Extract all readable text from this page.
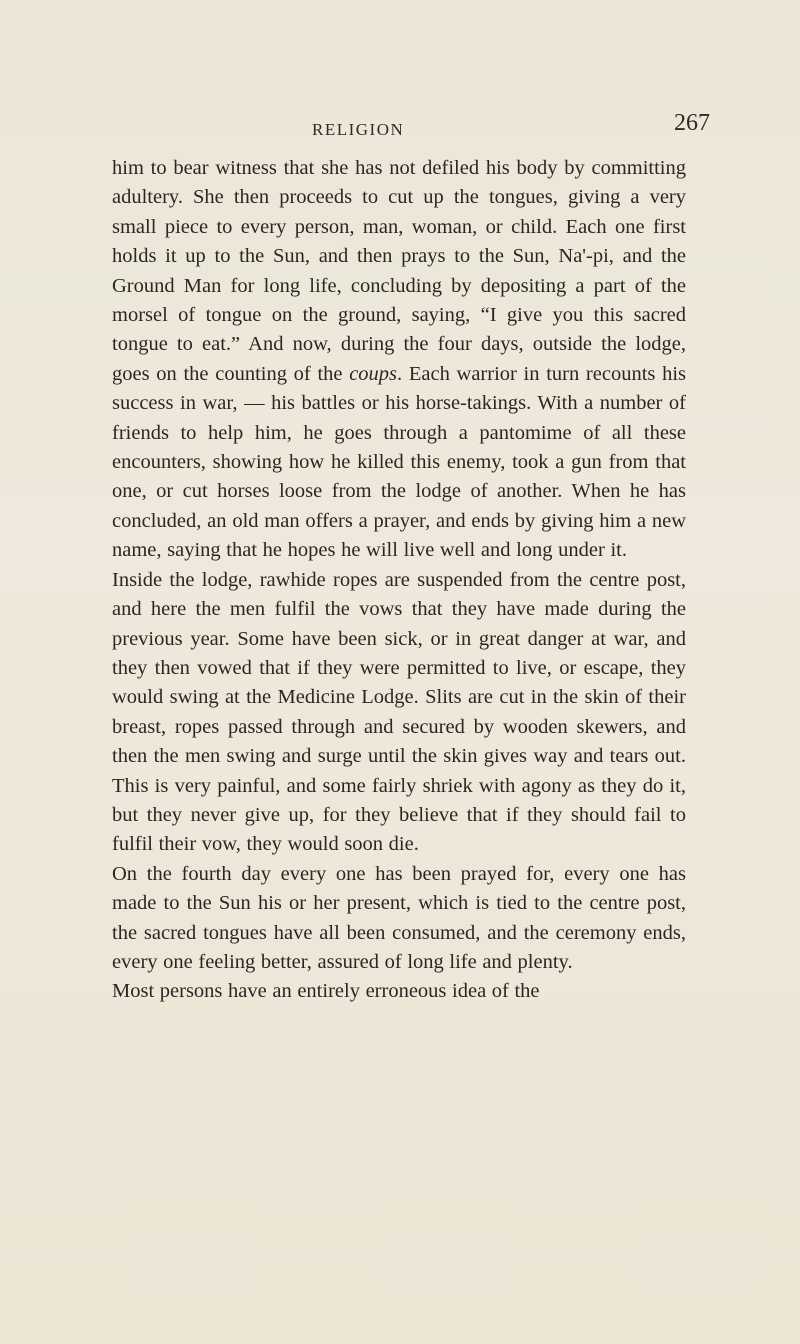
RELIGION	267

him to bear witness that she has not defiled his body by committing adultery. She then proceeds to cut up the tongues, giving a very small piece to every person, man, woman, or child. Each one first holds it up to the Sun, and then prays to the Sun, Na'-pi, and the Ground Man for long life, concluding by depositing a part of the morsel of tongue on the ground, saying, “I give you this sacred tongue to eat.” And now, during the four days, outside the lodge, goes on the counting of the coups. Each warrior in turn recounts his success in war, — his battles or his horse-takings. With a number of friends to help him, he goes through a pantomime of all these encounters, showing how he killed this enemy, took a gun from that one, or cut horses loose from the lodge of another. When he has concluded, an old man offers a prayer, and ends by giving him a new name, saying that he hopes he will live well and long under it.

Inside the lodge, rawhide ropes are suspended from the centre post, and here the men fulfil the vows that they have made during the previous year. Some have been sick, or in great danger at war, and they then vowed that if they were permitted to live, or escape, they would swing at the Medicine Lodge. Slits are cut in the skin of their breast, ropes passed through and secured by wooden skewers, and then the men swing and surge until the skin gives way and tears out. This is very painful, and some fairly shriek with agony as they do it, but they never give up, for they believe that if they should fail to fulfil their vow, they would soon die.

On the fourth day every one has been prayed for, every one has made to the Sun his or her present, which is tied to the centre post, the sacred tongues have all been consumed, and the ceremony ends, every one feeling better, assured of long life and plenty.

Most persons have an entirely erroneous idea of the
